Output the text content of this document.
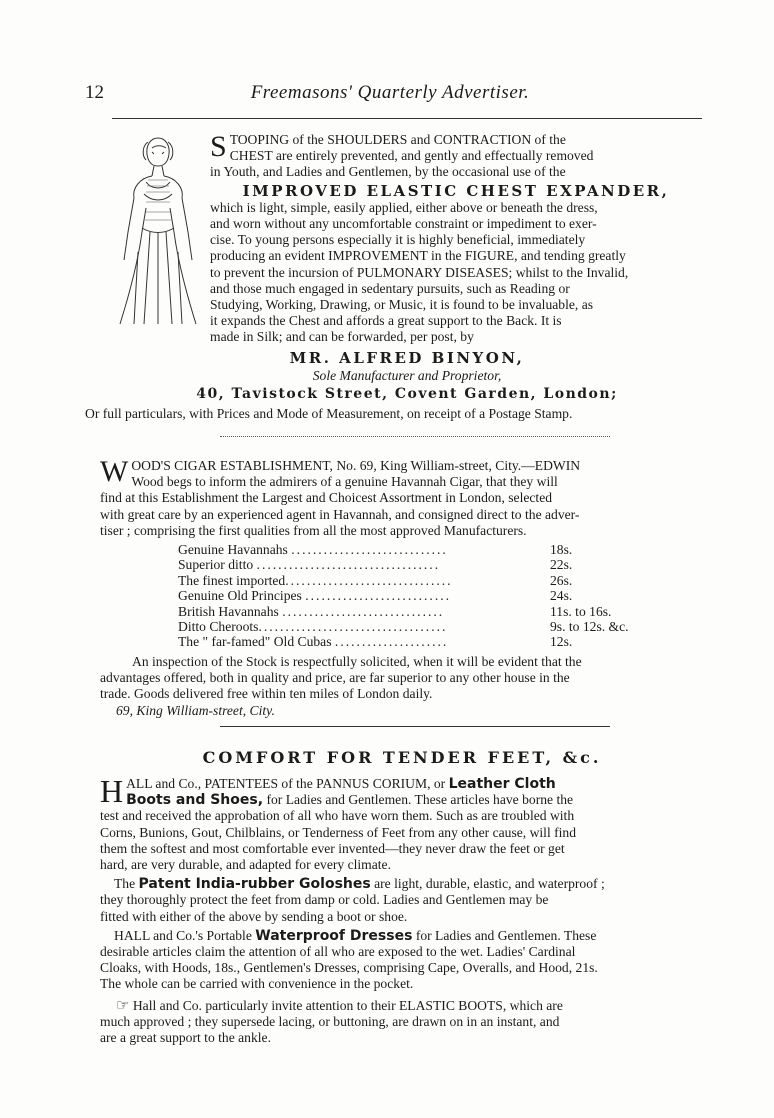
12	Freemasons' Quarterly Advertiser.
STOOPING of the SHOULDERS and CONTRACTION of the
CHEST are entirely prevented, and gently and effectually removed
in Youth, and Ladies and Gentlemen, by the occasional use of the
IMPROVED ELASTIC CHEST EXPANDER,
which is light, simple, easily applied, either above or beneath the dress,
and worn without any uncomfortable constraint or impediment to exer-
cise. To young persons especially it is highly beneficial, immediately
producing an evident IMPROVEMENT in the FIGURE, and tending greatly
to prevent the incursion of PULMONARY DISEASES; whilst to the Invalid,
and those much engaged in sedentary pursuits, such as Reading or
Studying, Working, Drawing, or Music, it is found to be invaluable, as
it expands the Chest and affords a great support to the Back. It is
made in Silk; and can be forwarded, per post, by
MR. ALFRED BINYON,
Sole Manufacturer and Proprietor,
40, Tavistock Street, Covent Garden, London;
Or full particulars, with Prices and Mode of Measurement, on receipt of a Postage Stamp.
WOOD'S CIGAR ESTABLISHMENT, No. 69, King William-street, City.—EDWIN
Wood begs to inform the admirers of a genuine Havannah Cigar, that they will
find at this Establishment the Largest and Choicest Assortment in London, selected
with great care by an experienced agent in Havannah, and consigned direct to the adver-
tiser ; comprising the first qualities from all the most approved Manufacturers.
Genuine Havannahs .............................	18s.
Superior ditto ..................................	22s.
The finest imported...............................	26s.
Genuine Old Principes ...........................	24s.
British Havannahs ..............................	11s. to 16s.
Ditto Cheroots...................................	9s. to 12s. &c.
The " far-famed" Old Cubas .....................	12s.
An inspection of the Stock is respectfully solicited, when it will be evident that the
advantages offered, both in quality and price, are far superior to any other house in the
trade. Goods delivered free within ten miles of London daily.
69, King William-street, City.
COMFORT FOR TENDER FEET, &c.
HALL and Co., PATENTEES of the PANNUS CORIUM, or Leather Cloth
Boots and Shoes, for Ladies and Gentlemen. These articles have borne the
test and received the approbation of all who have worn them. Such as are troubled with
Corns, Bunions, Gout, Chilblains, or Tenderness of Feet from any other cause, will find
them the softest and most comfortable ever invented—they never draw the feet or get
hard, are very durable, and adapted for every climate.
The Patent India-rubber Goloshes are light, durable, elastic, and waterproof ;
they thoroughly protect the feet from damp or cold. Ladies and Gentlemen may be
fitted with either of the above by sending a boot or shoe.
HALL and Co.'s Portable Waterproof Dresses for Ladies and Gentlemen. These
desirable articles claim the attention of all who are exposed to the wet. Ladies' Cardinal
Cloaks, with Hoods, 18s., Gentlemen's Dresses, comprising Cape, Overalls, and Hood, 21s.
The whole can be carried with convenience in the pocket.
☞ Hall and Co. particularly invite attention to their ELASTIC BOOTS, which are
much approved ; they supersede lacing, or buttoning, are drawn on in an instant, and
are a great support to the ankle.
